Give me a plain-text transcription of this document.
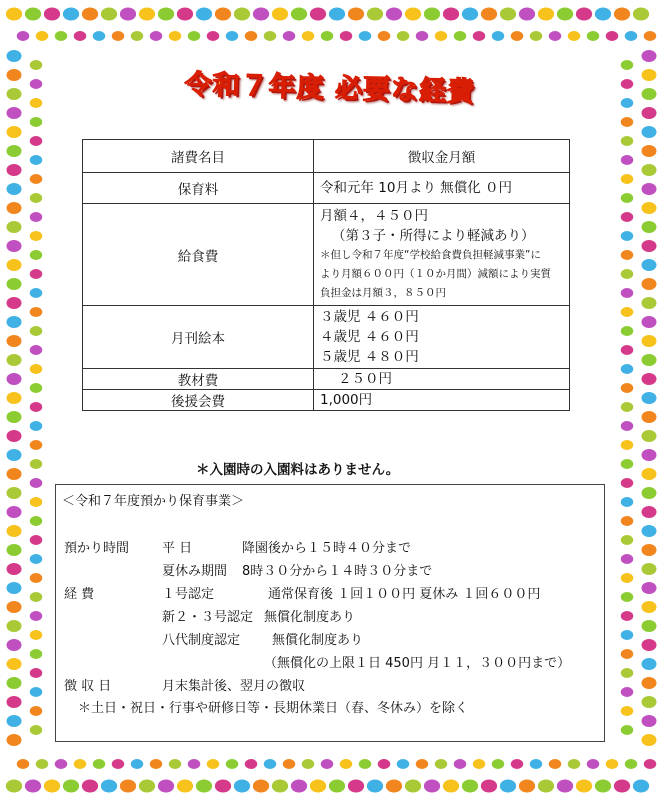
令和７年度 必要な経費
諸費名目	徴収金月額
保育料	令和元年 10月より 無償化 ０円

給食費	月額４，４５０円
（第３子・所得により軽減あり）
＊但し令和７年度“学校給食費負担軽減事業”に
より月額６００円（１０か月間）減額により実質
負担金は月額３，８５０円

月刊絵本	３歳児 ４６０円
４歳児 ４６０円
５歳児 ４８０円

教材費	２５０円

後援会費	1,000円
＊入園時の入園料はありません。
＜令和７年度預かり保育事業＞
預かり時間	平 日	降園後から１５時４０分まで
夏休み期間 8時３０分から１４時３０分まで
経 費	１号認定	通常保育後 １回１００円 夏休み １回６００円
新２・３号認定 無償化制度あり
八代制度認定 無償化制度あり
（無償化の上限１日 450円 月１１，３００円まで）
徴 収 日	月末集計後、翌月の徴収
＊土日・祝日・行事や研修日等・長期休業日（春、冬休み）を除く
